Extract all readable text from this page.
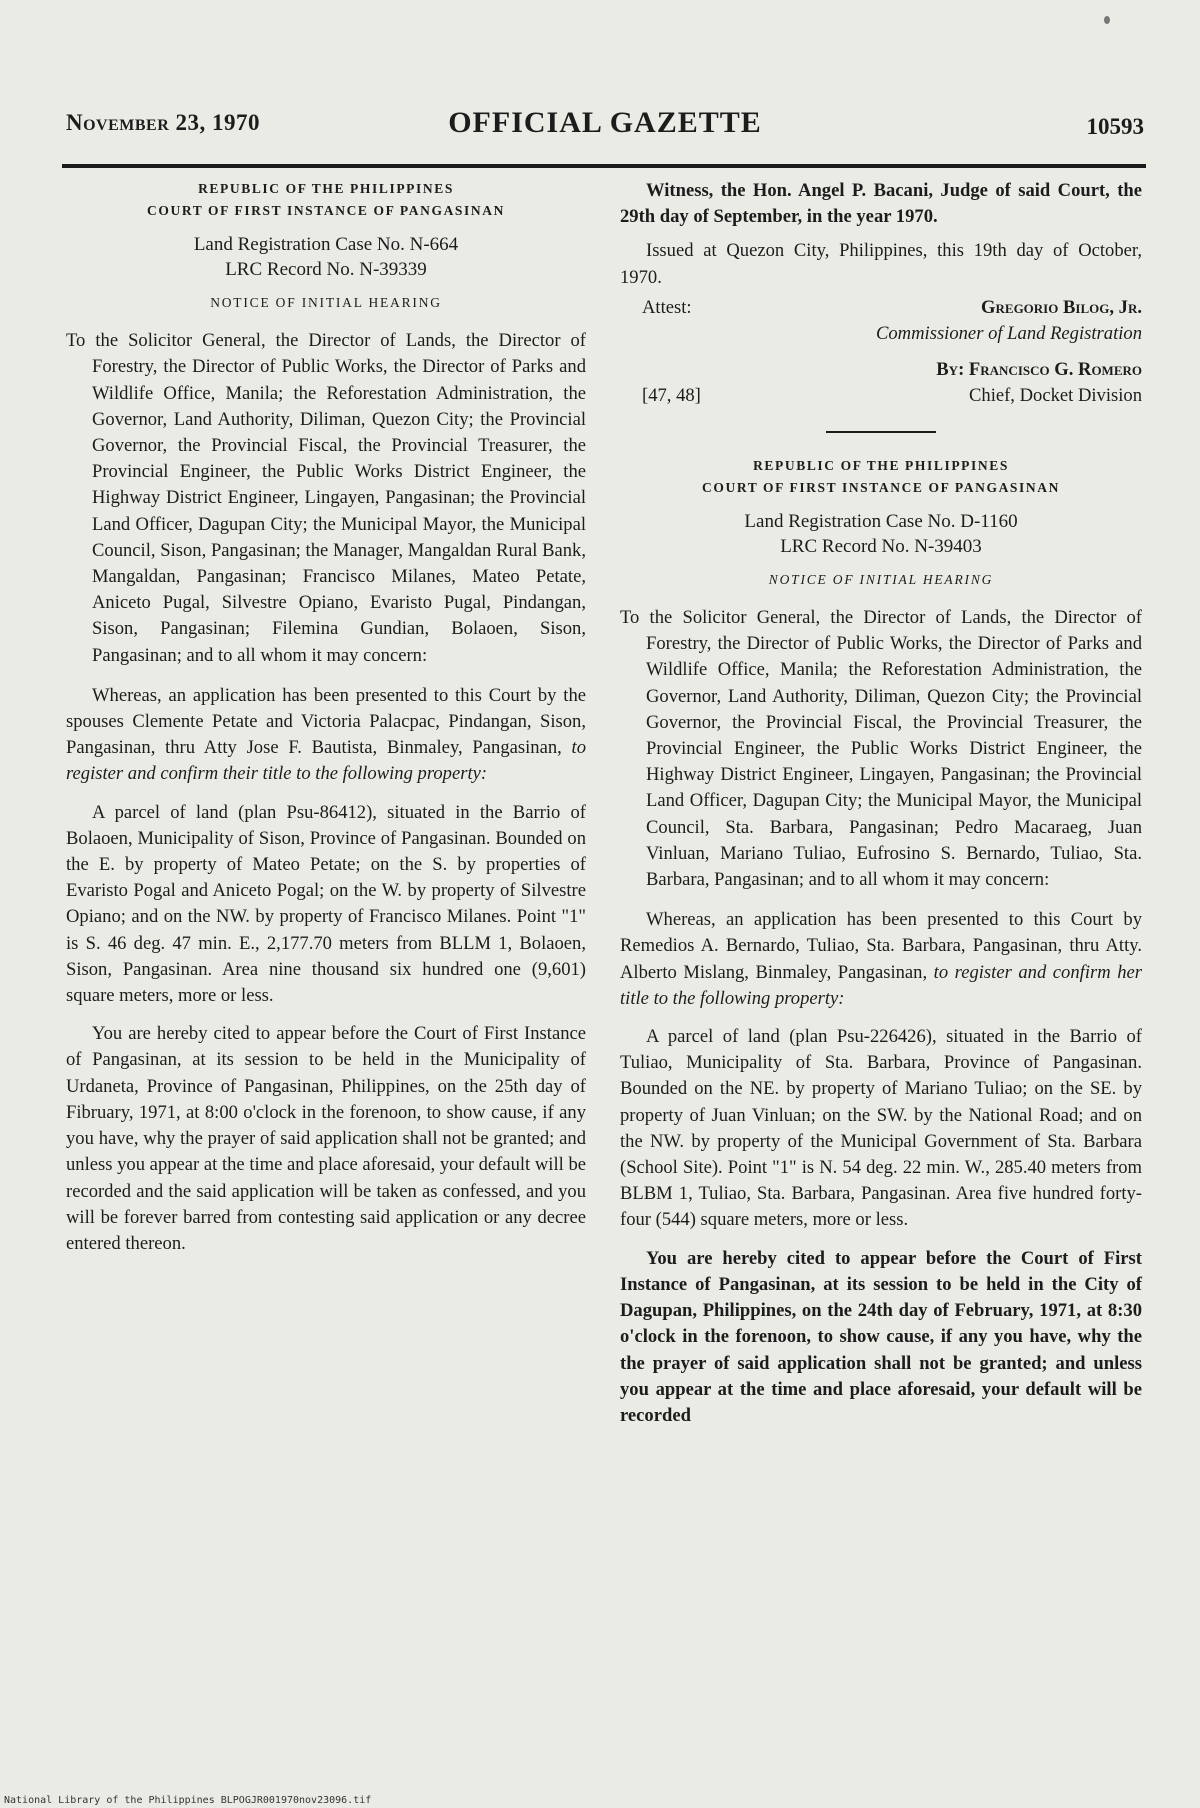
November 23, 1970	OFFICIAL GAZETTE	10593
REPUBLIC OF THE PHILIPPINES
COURT OF FIRST INSTANCE OF PANGASINAN
Land Registration Case No. N-664
LRC Record No. N-39339
NOTICE OF INITIAL HEARING

To the Solicitor General, the Director of Lands, the Director of Forestry, the Director of Public Works, the Director of Parks and Wildlife Office, Manila; the Reforestation Administration, the Governor, Land Authority, Diliman, Quezon City; the Provincial Governor, the Provincial Fiscal, the Provincial Treasurer, the Provincial Engineer, the Public Works District Engineer, the Highway District Engineer, Lingayen, Pangasinan; the Provincial Land Officer, Dagupan City; the Municipal Mayor, the Municipal Council, Sison, Pangasinan; the Manager, Mangaldan Rural Bank, Mangaldan, Pangasinan; Francisco Milanes, Mateo Petate, Aniceto Pugal, Silvestre Opiano, Evaristo Pugal, Pindangan, Sison, Pangasinan; Filemina Gundian, Bolaoen, Sison, Pangasinan; and to all whom it may concern:

Whereas, an application has been presented to this Court by the spouses Clemente Petate and Victoria Palacpac, Pindangan, Sison, Pangasinan, thru Atty Jose F. Bautista, Binmaley, Pangasinan, to register and confirm their title to the following property:

A parcel of land (plan Psu-86412), situated in the Barrio of Bolaoen, Municipality of Sison, Province of Pangasinan. Bounded on the E. by property of Mateo Petate; on the S. by properties of Evaristo Pogal and Aniceto Pogal; on the W. by property of Silvestre Opiano; and on the NW. by property of Francisco Milanes. Point "1" is S. 46 deg. 47 min. E., 2,177.70 meters from BLLM 1, Bolaoen, Sison, Pangasinan. Area nine thousand six hundred one (9,601) square meters, more or less.

You are hereby cited to appear before the Court of First Instance of Pangasinan, at its session to be held in the Municipality of Urdaneta, Province of Pangasinan, Philippines, on the 25th day of Fibruary, 1971, at 8:00 o'clock in the forenoon, to show cause, if any you have, why the prayer of said application shall not be granted; and unless you appear at the time and place aforesaid, your default will be recorded and the said application will be taken as confessed, and you will be forever barred from contesting said application or any decree entered thereon.

Witness, the Hon. Angel P. Bacani, Judge of said Court, the 29th day of September, in the year 1970.

Issued at Quezon City, Philippines, this 19th day of October, 1970.

Attest:	Gregorio Bilog, Jr.
Commissioner of Land Registration
By: Francisco G. Romero
[47, 48]	Chief, Docket Division
REPUBLIC OF THE PHILIPPINES
COURT OF FIRST INSTANCE OF PANGASINAN
Land Registration Case No. D-1160
LRC Record No. N-39403
NOTICE OF INITIAL HEARING

To the Solicitor General, the Director of Lands, the Director of Forestry, the Director of Public Works, the Director of Parks and Wildlife Office, Manila; the Reforestation Administration, the Governor, Land Authority, Diliman, Quezon City; the Provincial Governor, the Provincial Fiscal, the Provincial Treasurer, the Provincial Engineer, the Public Works District Engineer, the Highway District Engineer, Lingayen, Pangasinan; the Provincial Land Officer, Dagupan City; the Municipal Mayor, the Municipal Council, Sta. Barbara, Pangasinan; Pedro Macaraeg, Juan Vinluan, Mariano Tuliao, Eufrosino S. Bernardo, Tuliao, Sta. Barbara, Pangasinan; and to all whom it may concern:

Whereas, an application has been presented to this Court by Remedios A. Bernardo, Tuliao, Sta. Barbara, Pangasinan, thru Atty. Alberto Mislang, Binmaley, Pangasinan, to register and confirm her title to the following property:

A parcel of land (plan Psu-226426), situated in the Barrio of Tuliao, Municipality of Sta. Barbara, Province of Pangasinan. Bounded on the NE. by property of Mariano Tuliao; on the SE. by property of Juan Vinluan; on the SW. by the National Road; and on the NW. by property of the Municipal Government of Sta. Barbara (School Site). Point "1" is N. 54 deg. 22 min. W., 285.40 meters from BLBM 1, Tuliao, Sta. Barbara, Pangasinan. Area five hundred forty-four (544) square meters, more or less.

You are hereby cited to appear before the Court of First Instance of Pangasinan, at its session to be held in the City of Dagupan, Philippines, on the 24th day of February, 1971, at 8:30 o'clock in the forenoon, to show cause, if any you have, why the the prayer of said application shall not be granted; and unless you appear at the time and place aforesaid, your default will be recorded

National Library of the Philippines BLPOGJR001970nov23096.tif
